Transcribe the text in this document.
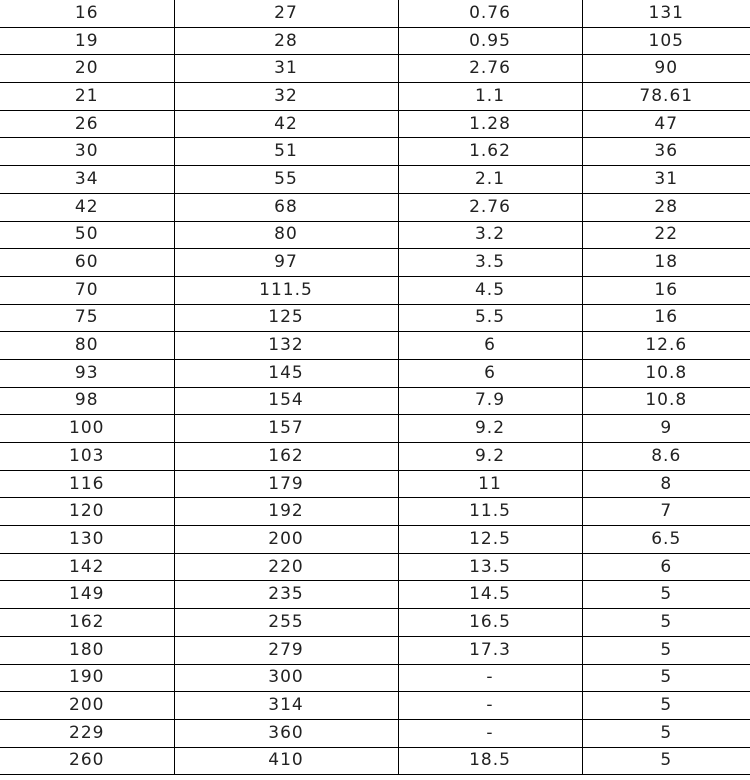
16	27	0.76	131
19	28	0.95	105
20	31	2.76	90
21	32	1.1	78.61
26	42	1.28	47
30	51	1.62	36
34	55	2.1	31
42	68	2.76	28
50	80	3.2	22
60	97	3.5	18
70	111.5	4.5	16
75	125	5.5	16
80	132	6	12.6
93	145	6	10.8
98	154	7.9	10.8
100	157	9.2	9
103	162	9.2	8.6
116	179	11	8
120	192	11.5	7
130	200	12.5	6.5
142	220	13.5	6
149	235	14.5	5
162	255	16.5	5
180	279	17.3	5
190	300	-	5
200	314	-	5
229	360	-	5
260	410	18.5	5
